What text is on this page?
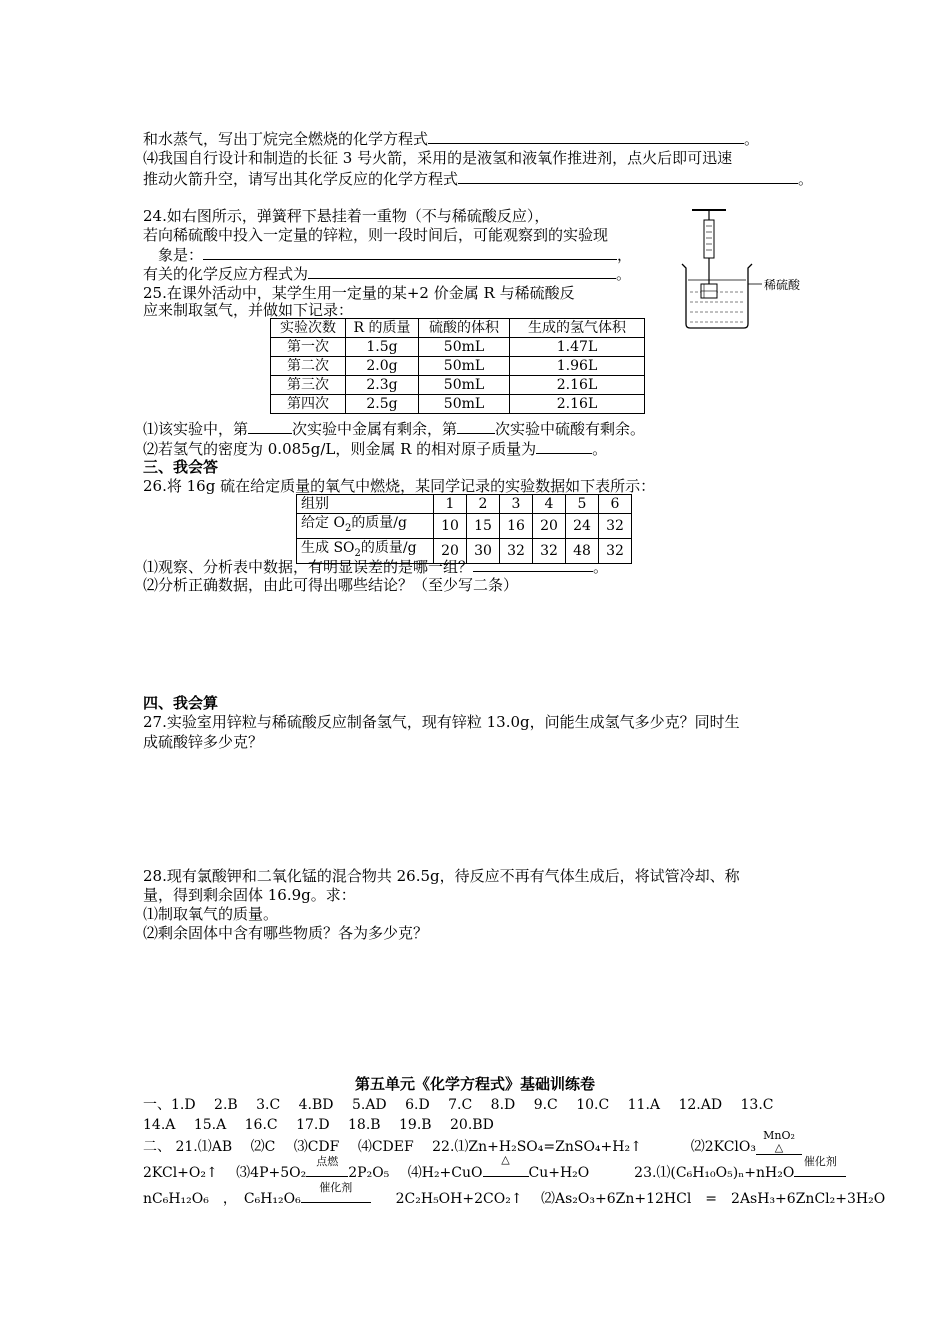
和水蒸气，写出丁烷完全燃烧的化学方程式	。
⑷我国自行设计和制造的长征 3 号火箭，采用的是液氢和液氧作推进剂，点火后即可迅速
推动火箭升空，请写出其化学反应的化学方程式	。
24.如右图所示，弹簧秤下悬挂着一重物（不与稀硫酸反应），
若向稀硫酸中投入一定量的锌粒，则一段时间后，可能观察到的实验现
象是：	，
有关的化学反应方程式为	。
稀硫酸
25.在课外活动中，某学生用一定量的某+2 价金属 R 与稀硫酸反
应来制取氢气，并做如下记录：
实验次数	R 的质量	硫酸的体积	生成的氢气体积
第一次	1.5g	50mL	1.47L
第二次	2.0g	50mL	1.96L
第三次	2.3g	50mL	2.16L
第四次	2.5g	50mL	2.16L
⑴该实验中，第	次实验中金属有剩余，第	次实验中硫酸有剩余。
⑵若氢气的密度为 0.085g/L，则金属 R 的相对原子质量为	。
三、我会答
26.将 16g 硫在给定质量的氧气中燃烧，某同学记录的实验数据如下表所示：
组别	1	2	3	4	5	6
给定 $O_2$的质量/g	10	15	16	20	24	32
生成 $SO_2$的质量/g	20	30	32	32	48	32
⑴观察、分析表中数据，有明显误差的是哪一组？	。
⑵分析正确数据，由此可得出哪些结论？（至少写二条）
四、我会算
27.实验室用锌粒与稀硫酸反应制备氢气，现有锌粒 13.0g，问能生成氢气多少克？同时生
成硫酸锌多少克？
28.现有氯酸钾和二氧化锰的混合物共 26.5g，待反应不再有气体生成后，将试管冷却、称
量，得到剩余固体 16.9g。求：
⑴制取氧气的质量。
⑵剩余固体中含有哪些物质？各为多少克？
第五单元《化学方程式》基础训练卷
一、1.D　 2.B　 3.C　 4.BD　 5.AD　 6.D　 7.C　 8.D　 9.C　 10.C　 11.A　 12.AD　 13.C
14.A　 15.A　 16.C　 17.D　 18.B　 19.B　 20.BD
二、 21.⑴AB　 ⑵C　 ⑶CDF　 ⑷CDEF　 22.⑴Zn+H₂SO₄=ZnSO₄+H₂↑	⑵2KClO₃
MnO₂
△
2KCl+O₂↑　 ⑶4P+5O₂
点燃
2P₂O₅　 ⑷H₂+CuO
△
Cu+H₂O	23.⑴(C₆H₁₀O₅)ₙ+nH₂O
催化剂
nC₆H₁₂O₆　，　C₆H₁₂O₆
催化剂
2C₂H₅OH+2CO₂↑　 ⑵As₂O₃+6Zn+12HCl　=　2AsH₃+6ZnCl₂+3H₂O
